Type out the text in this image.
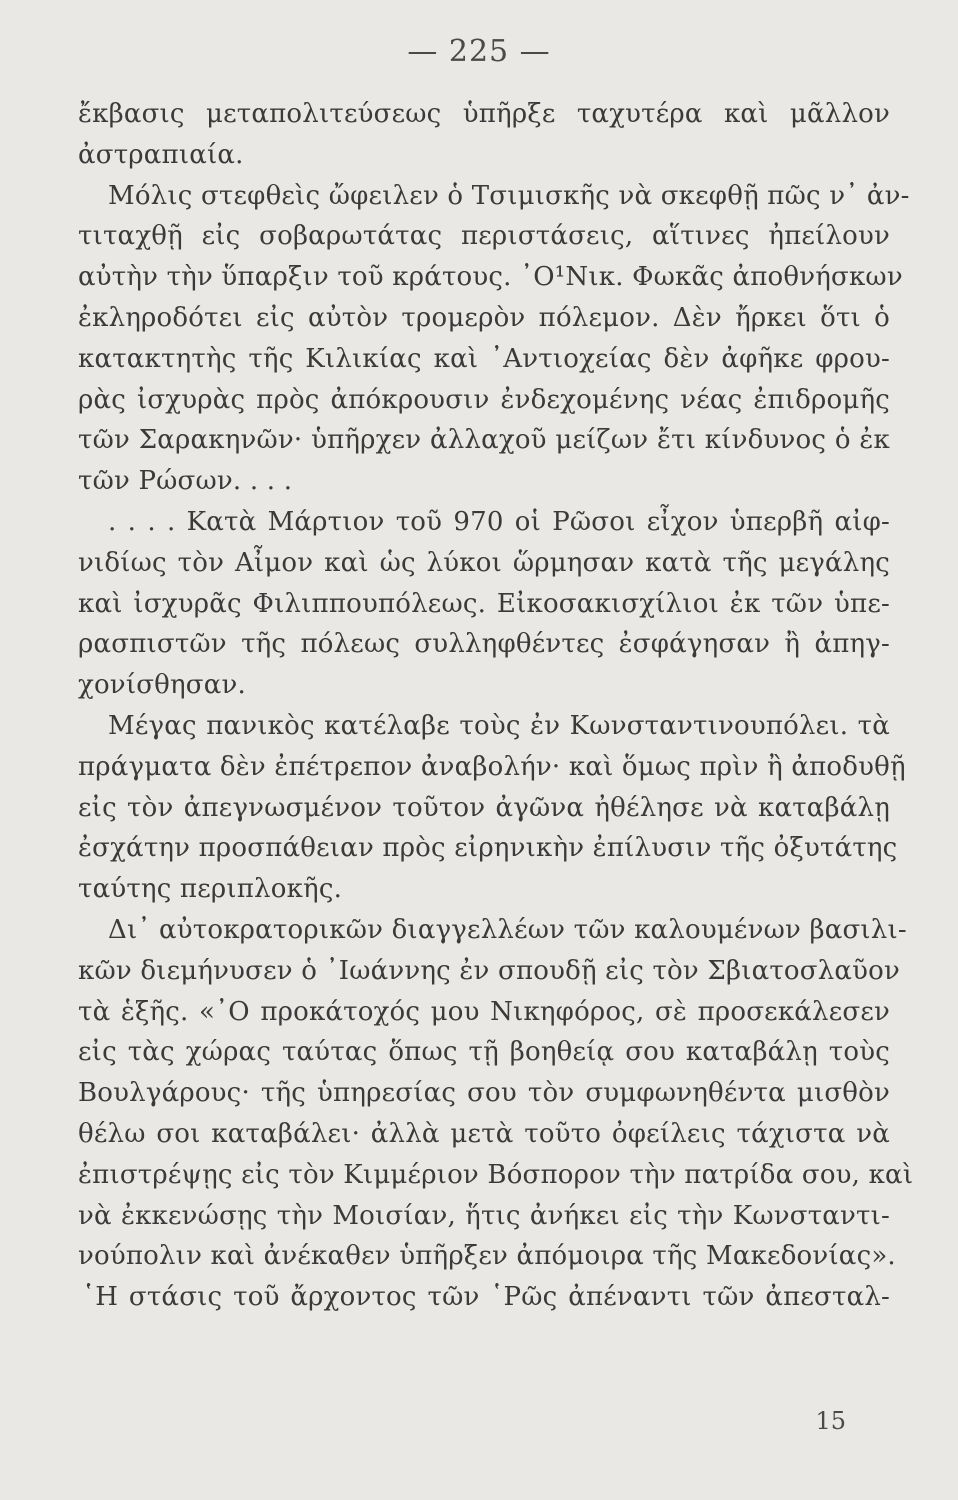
— 225 —
ἔκβασις μεταπολιτεύσεως ὑπῆρξε ταχυτέρα καὶ μᾶλλον
ἀστραπιαία.
Μόλις στεφθεὶς ὤφειλεν ὁ Τσιμισκῆς νὰ σκεφθῇ πῶς ν᾽ ἀν-
τιταχθῇ εἰς σοβαρωτάτας περιστάσεις, αἵτινες ἠπείλουν
αὐτὴν τὴν ὕπαρξιν τοῦ κράτους. ᾿Ο¹Νικ. Φωκᾶς ἀποθνήσκων
ἐκληροδότει εἰς αὐτὸν τρομερὸν πόλεμον. Δὲν ἤρκει ὅτι ὁ
κατακτητὴς τῆς Κιλικίας καὶ ᾿Αντιοχείας δὲν ἀφῆκε φρου-
ρὰς ἰσχυρὰς πρὸς ἀπόκρουσιν ἐνδεχομένης νέας ἐπιδρομῆς
τῶν Σαρακηνῶν· ὑπῆρχεν ἀλλαχοῦ μείζων ἔτι κίνδυνος ὁ ἐκ
τῶν Ρώσων. . . .
. . . . Κατὰ Μάρτιον τοῦ 970 οἱ Ρῶσοι εἶχον ὑπερβῆ αἰφ-
νιδίως τὸν Αἶμον καὶ ὡς λύκοι ὥρμησαν κατὰ τῆς μεγάλης
καὶ ἰσχυρᾶς Φιλιππουπόλεως. Εἰκοσακισχίλιοι ἐκ τῶν ὑπε-
ρασπιστῶν τῆς πόλεως συλληφθέντες ἐσφάγησαν ἢ ἀπηγ-
χονίσθησαν.
Μέγας πανικὸς κατέλαβε τοὺς ἐν Κωνσταντινουπόλει. τὰ
πράγματα δὲν ἐπέτρεπον ἀναβολήν· καὶ ὅμως πρὶν ἢ ἀποδυθῇ
εἰς τὸν ἀπεγνωσμένον τοῦτον ἀγῶνα ἠθέλησε νὰ καταβάλῃ
ἐσχάτην προσπάθειαν πρὸς εἰρηνικὴν ἐπίλυσιν τῆς ὀξυτάτης
ταύτης περιπλοκῆς.
Δι᾽ αὐτοκρατορικῶν διαγγελλέων τῶν καλουμένων βασιλι-
κῶν διεμήνυσεν ὁ ᾿Ιωάννης ἐν σπουδῇ εἰς τὸν Σβιατοσλαῦον
τὰ ἑξῆς. «᾿Ο προκάτοχός μου Νικηφόρος, σὲ προσεκάλεσεν
εἰς τὰς χώρας ταύτας ὅπως τῇ βοηθείᾳ σου καταβάλῃ τοὺς
Βουλγάρους· τῆς ὑπηρεσίας σου τὸν συμφωνηθέντα μισθὸν
θέλω σοι καταβάλει· ἀλλὰ μετὰ τοῦτο ὀφείλεις τάχιστα νὰ
ἐπιστρέψῃς εἰς τὸν Κιμμέριον Βόσπορον τὴν πατρίδα σου, καὶ
νὰ ἐκκενώσῃς τὴν Μοισίαν, ἥτις ἀνήκει εἰς τὴν Κωνσταντι-
νούπολιν καὶ ἀνέκαθεν ὑπῆρξεν ἀπόμοιρα τῆς Μακεδονίας».
῾Η στάσις τοῦ ἄρχοντος τῶν ῾Ρῶς ἀπέναντι τῶν ἀπεσταλ-
15
